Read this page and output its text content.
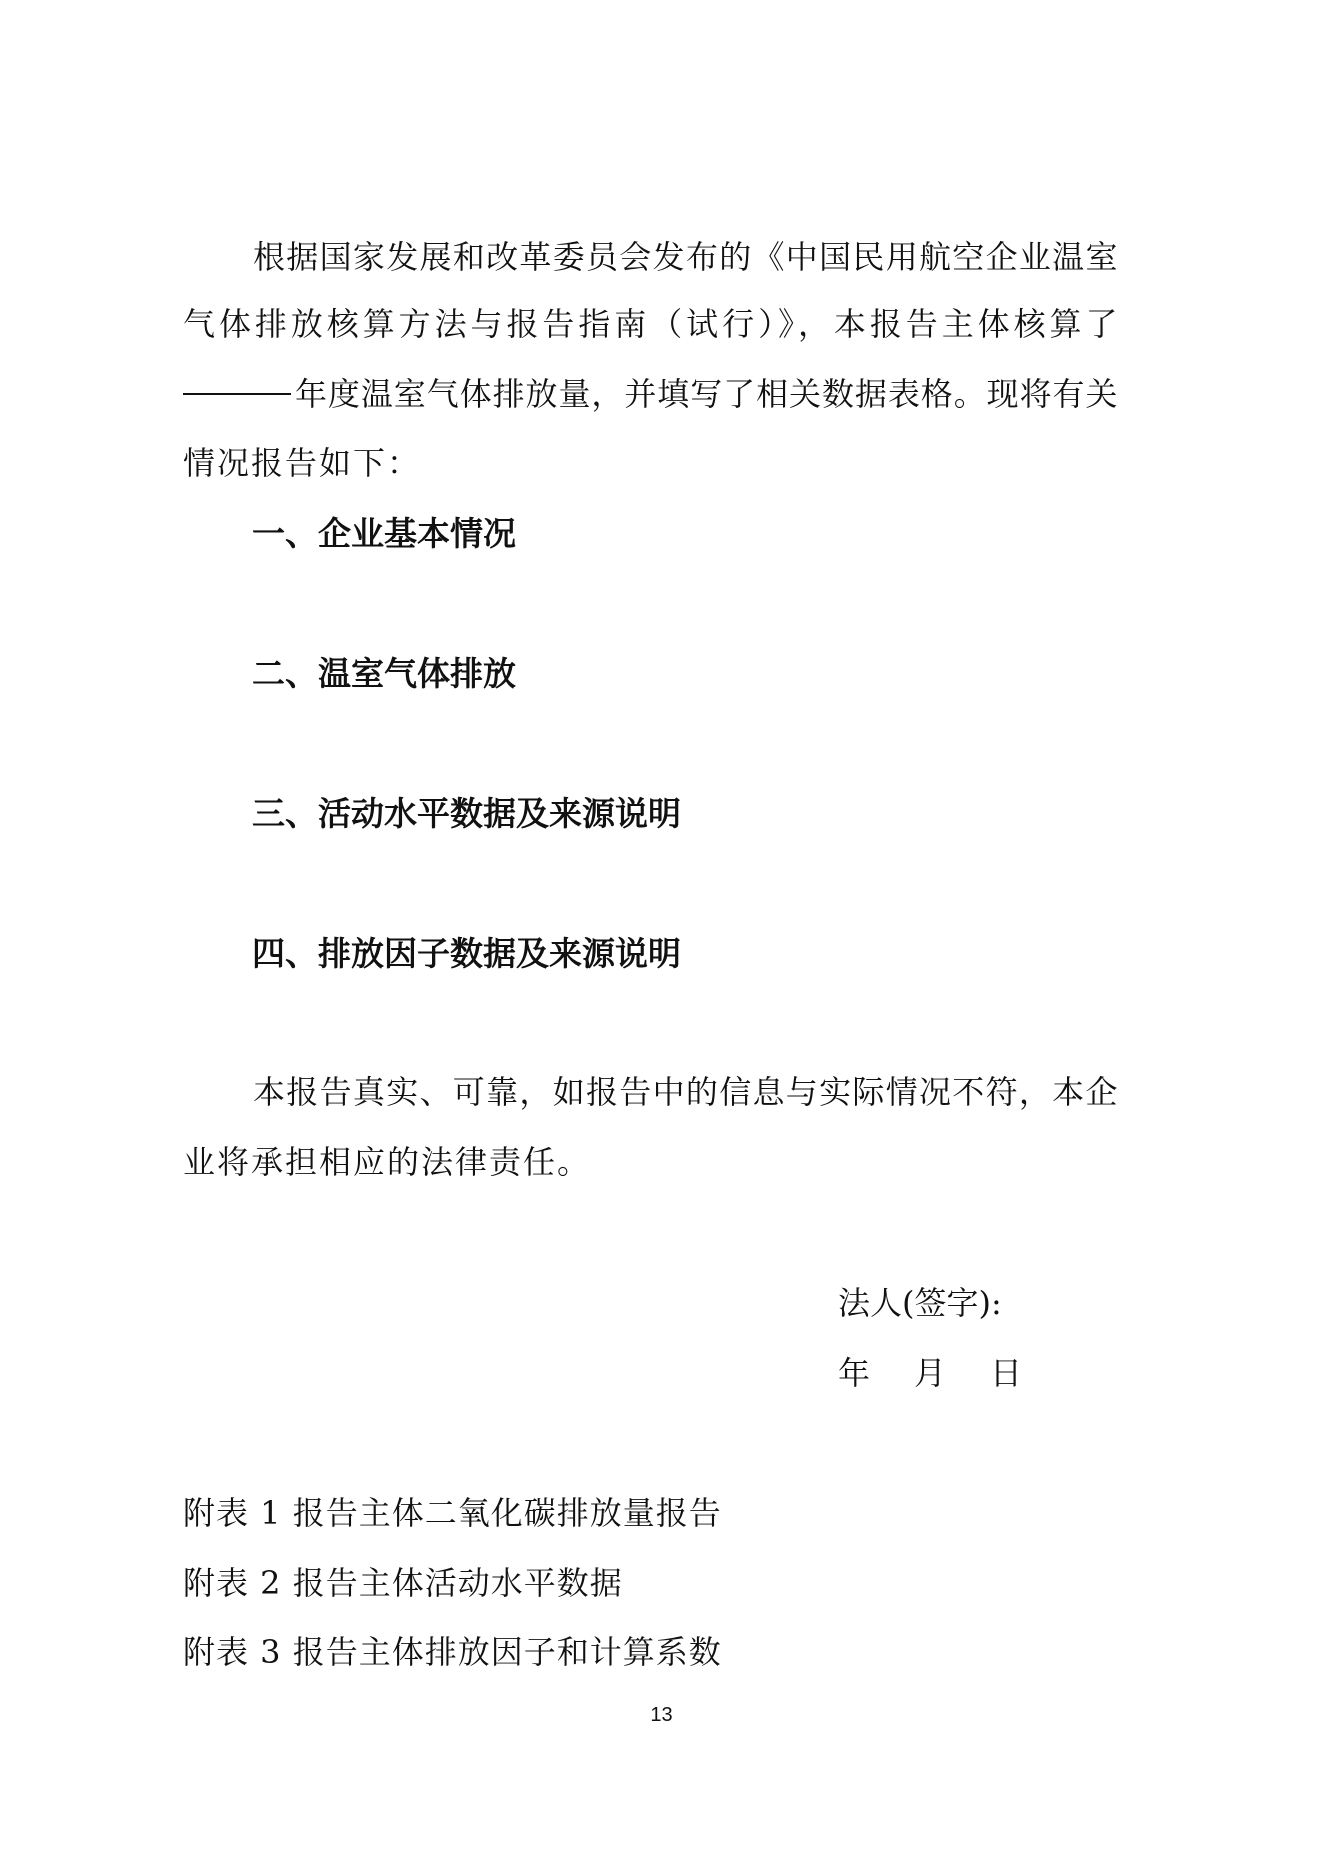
根据国家发展和改革委员会发布的《中国民用航空企业温室
气体排放核算方法与报告指南（试行）》，本报告主体核算了
年度温室气体排放量，并填写了相关数据表格。现将有关
情况报告如下：
一、企业基本情况
二、温室气体排放
三、活动水平数据及来源说明
四、排放因子数据及来源说明
本报告真实、可靠，如报告中的信息与实际情况不符，本企
业将承担相应的法律责任。
法人(签字):
年 月 日
附表 1 报告主体二氧化碳排放量报告
附表 2 报告主体活动水平数据
附表 3 报告主体排放因子和计算系数
13
